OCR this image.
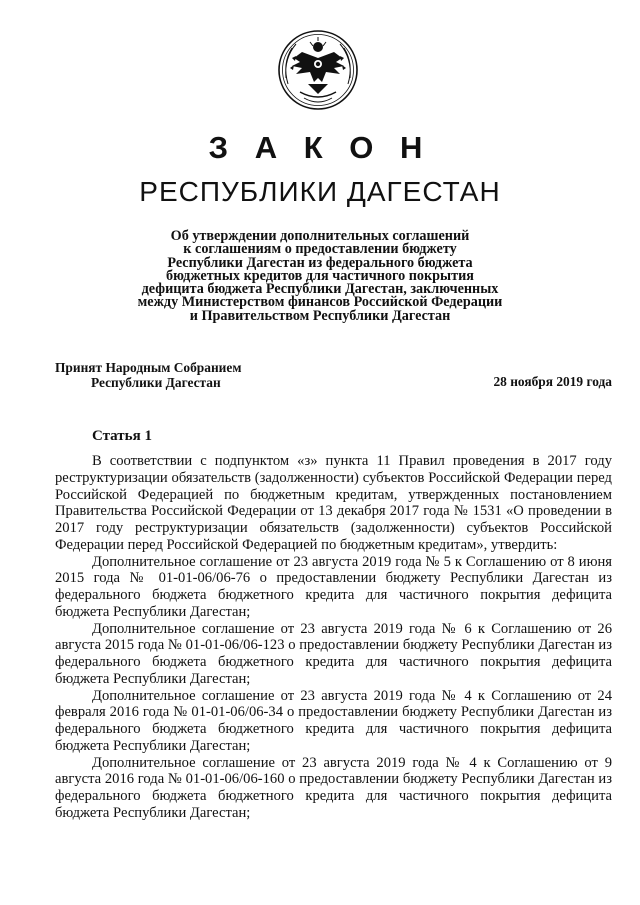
З А К О Н
РЕСПУБЛИКИ ДАГЕСТАН
Об утверждении дополнительных соглашений
к соглашениям о предоставлении бюджету
Республики Дагестан из федерального бюджета
бюджетных кредитов для частичного покрытия
дефицита бюджета Республики Дагестан, заключенных
между Министерством финансов Российской Федерации
и Правительством Республики Дагестан
Принят Народным Собранием
Республики Дагестан	28 ноября 2019 года
Статья 1

В соответствии с подпунктом «з» пункта 11 Правил проведения в 2017 году реструктуризации обязательств (задолженности) субъектов Российской Федерации перед Российской Федерацией по бюджетным кредитам, утвержденных постановлением Правительства Российской Федерации от 13 декабря 2017 года № 1531 «О проведении в 2017 году реструктуризации обязательств (задолженности) субъектов Российской Федерации перед Российской Федерацией по бюджетным кредитам», утвердить:

Дополнительное соглашение от 23 августа 2019 года № 5 к Соглашению от 8 июня 2015 года № 01-01-06/06-76 о предоставлении бюджету Республики Дагестан из федерального бюджета бюджетного кредита для частичного покрытия дефицита бюджета Республики Дагестан;

Дополнительное соглашение от 23 августа 2019 года № 6 к Соглашению от 26 августа 2015 года № 01-01-06/06-123 о предоставлении бюджету Республики Дагестан из федерального бюджета бюджетного кредита для частичного покрытия дефицита бюджета Республики Дагестан;

Дополнительное соглашение от 23 августа 2019 года № 4 к Соглашению от 24 февраля 2016 года № 01-01-06/06-34 о предоставлении бюджету Республики Дагестан из федерального бюджета бюджетного кредита для частичного покрытия дефицита бюджета Республики Дагестан;

Дополнительное соглашение от 23 августа 2019 года № 4 к Соглашению от 9 августа 2016 года № 01-01-06/06-160 о предоставлении бюджету Республики Дагестан из федерального бюджета бюджетного кредита для частичного покрытия дефицита бюджета Республики Дагестан;
